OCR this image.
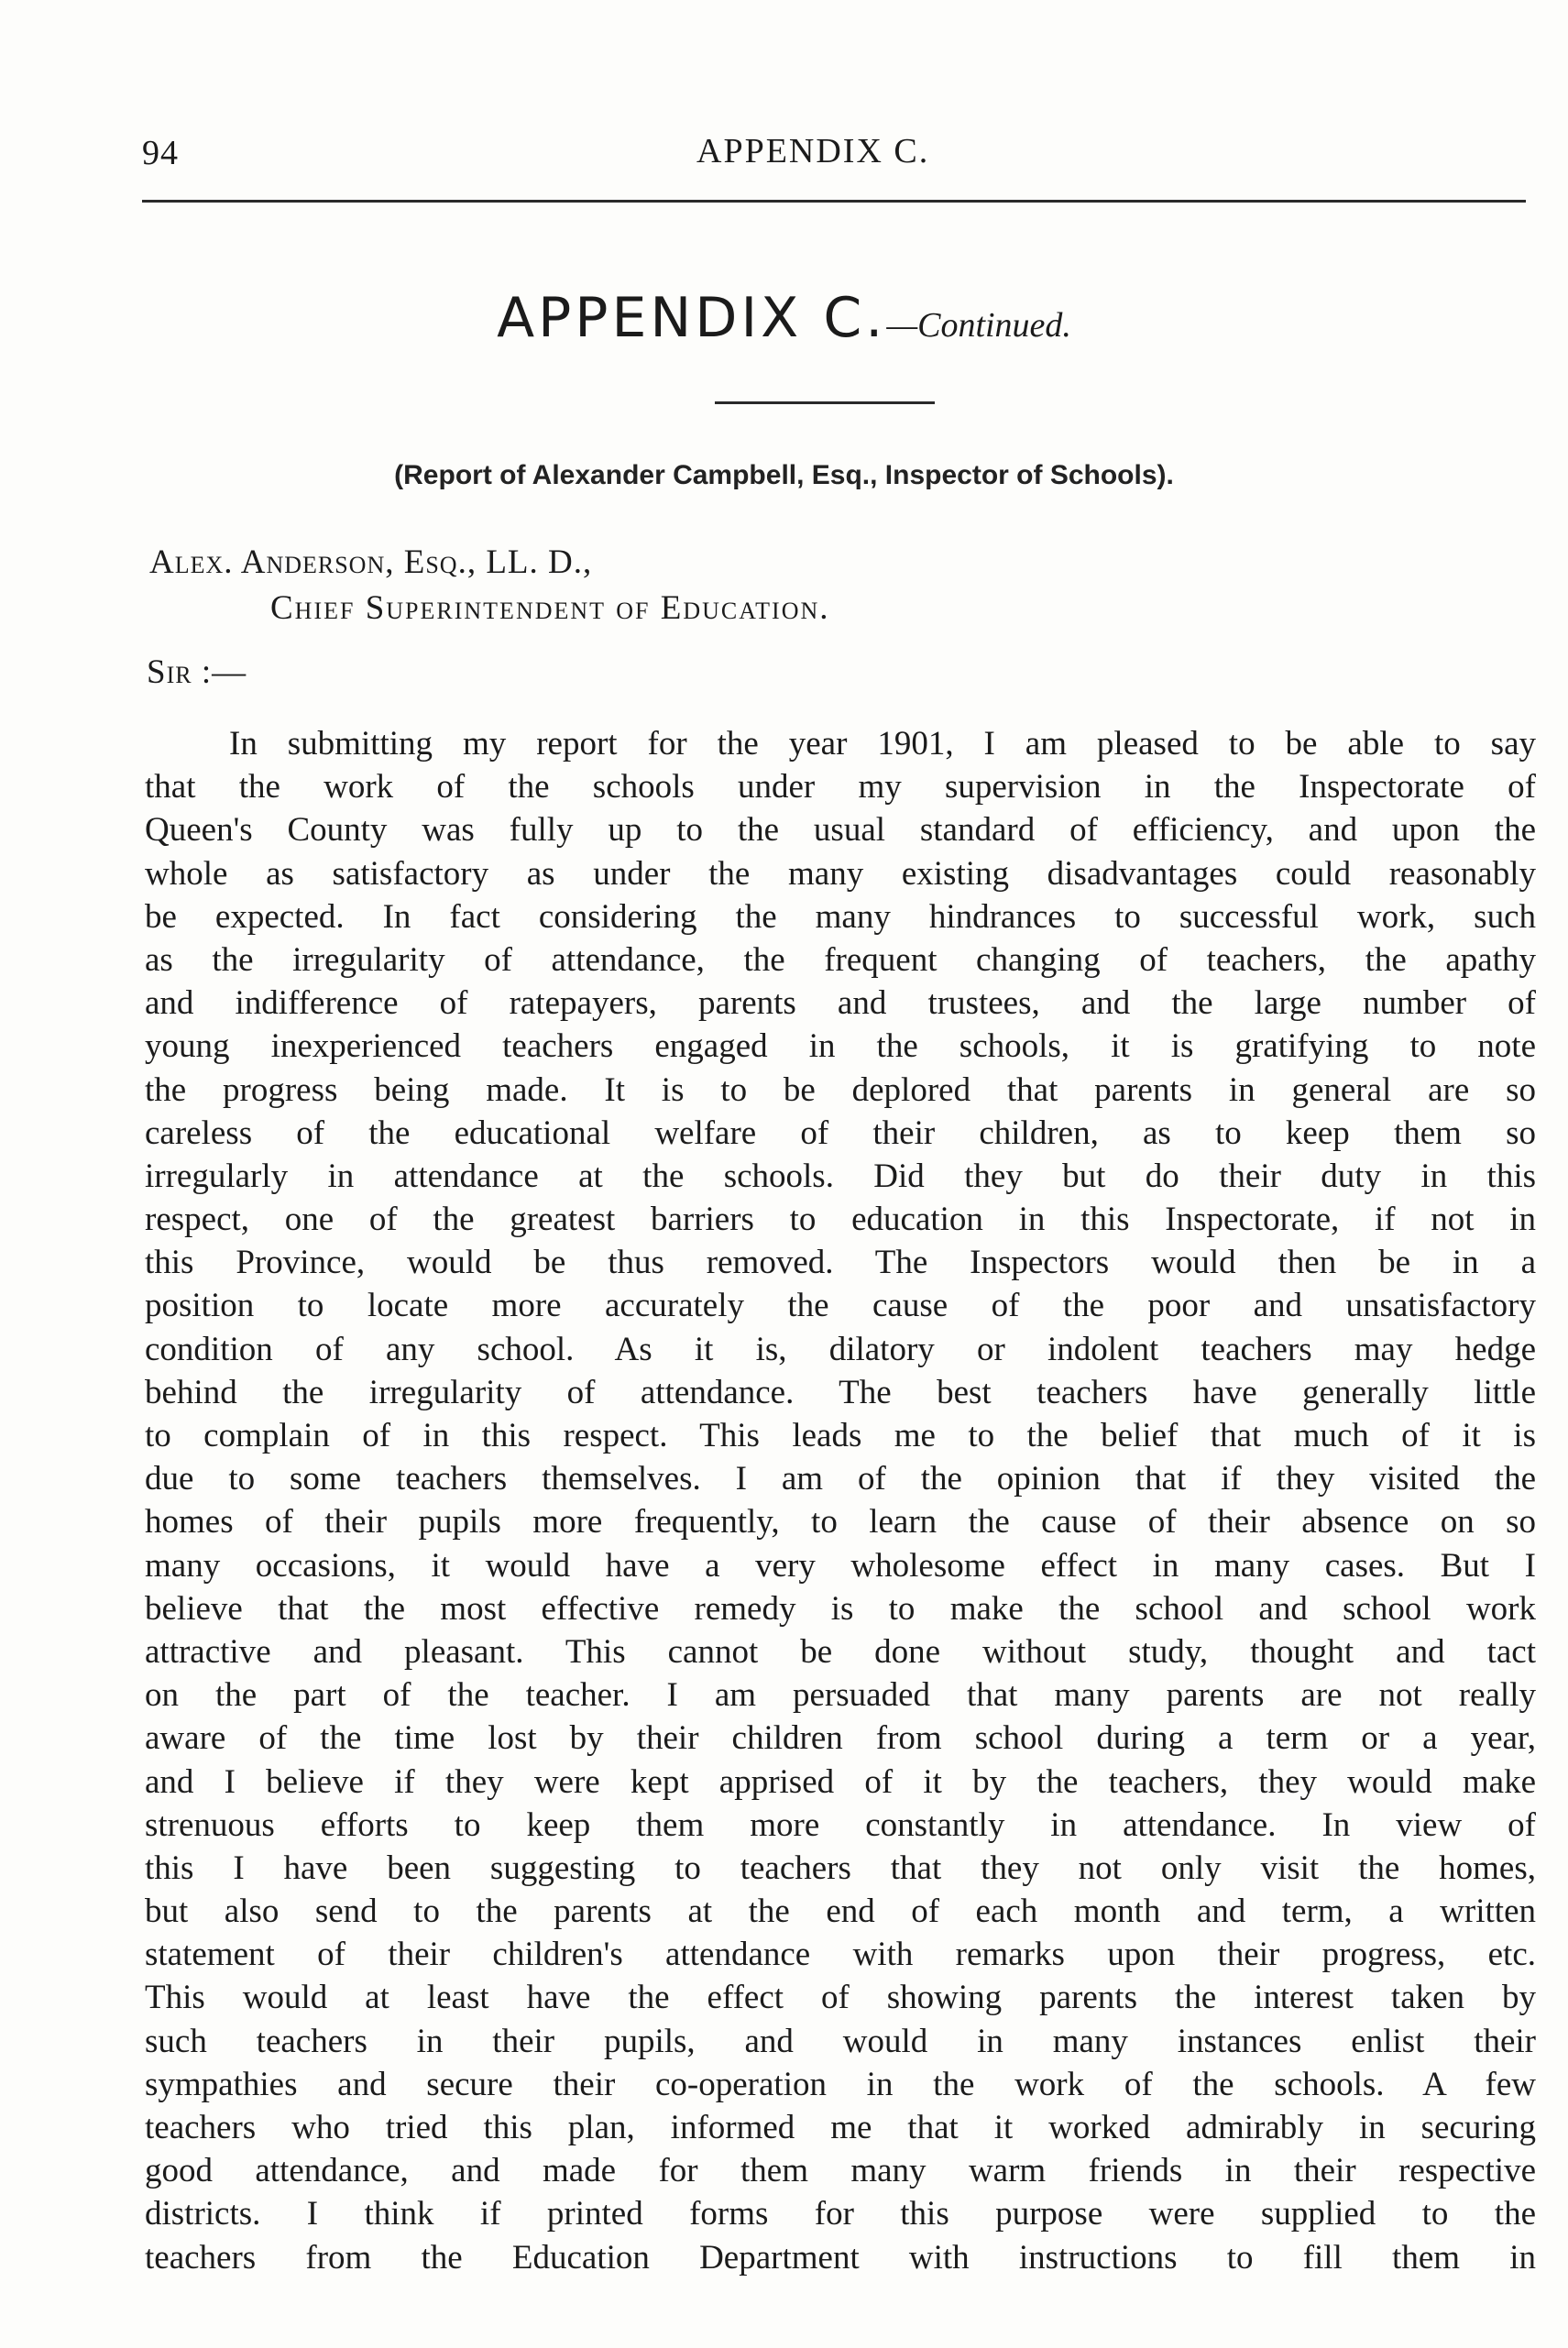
94	APPENDIX C.
APPENDIX C.—Continued.
(Report of Alexander Campbell, Esq., Inspector of Schools).
Alex. Anderson, Esq., LL. D.,
Chief Superintendent of Education.
Sir :—
In submitting my report for the year 1901, I am pleased to be able to say
that the work of the schools under my supervision in the Inspectorate of
Queen's County was fully up to the usual standard of efficiency, and upon the
whole as satisfactory as under the many existing disadvantages could reasonably
be expected. In fact considering the many hindrances to successful work, such
as the irregularity of attendance, the frequent changing of teachers, the apathy
and indifference of ratepayers, parents and trustees, and the large number of
young inexperienced teachers engaged in the schools, it is gratifying to note
the progress being made. It is to be deplored that parents in general are so
careless of the educational welfare of their children, as to keep them so
irregularly in attendance at the schools. Did they but do their duty in this
respect, one of the greatest barriers to education in this Inspectorate, if not in
this Province, would be thus removed. The Inspectors would then be in a
position to locate more accurately the cause of the poor and unsatisfactory
condition of any school. As it is, dilatory or indolent teachers may hedge
behind the irregularity of attendance. The best teachers have generally little
to complain of in this respect. This leads me to the belief that much of it is
due to some teachers themselves. I am of the opinion that if they visited the
homes of their pupils more frequently, to learn the cause of their absence on so
many occasions, it would have a very wholesome effect in many cases. But I
believe that the most effective remedy is to make the school and school work
attractive and pleasant. This cannot be done without study, thought and tact
on the part of the teacher. I am persuaded that many parents are not really
aware of the time lost by their children from school during a term or a year,
and I believe if they were kept apprised of it by the teachers, they would make
strenuous efforts to keep them more constantly in attendance. In view of
this I have been suggesting to teachers that they not only visit the homes,
but also send to the parents at the end of each month and term, a written
statement of their children's attendance with remarks upon their progress, etc.
This would at least have the effect of showing parents the interest taken by
such teachers in their pupils, and would in many instances enlist their
sympathies and secure their co-operation in the work of the schools. A few
teachers who tried this plan, informed me that it worked admirably in securing
good attendance, and made for them many warm friends in their respective
districts. I think if printed forms for this purpose were supplied to the
teachers from the Education Department with instructions to fill them in
